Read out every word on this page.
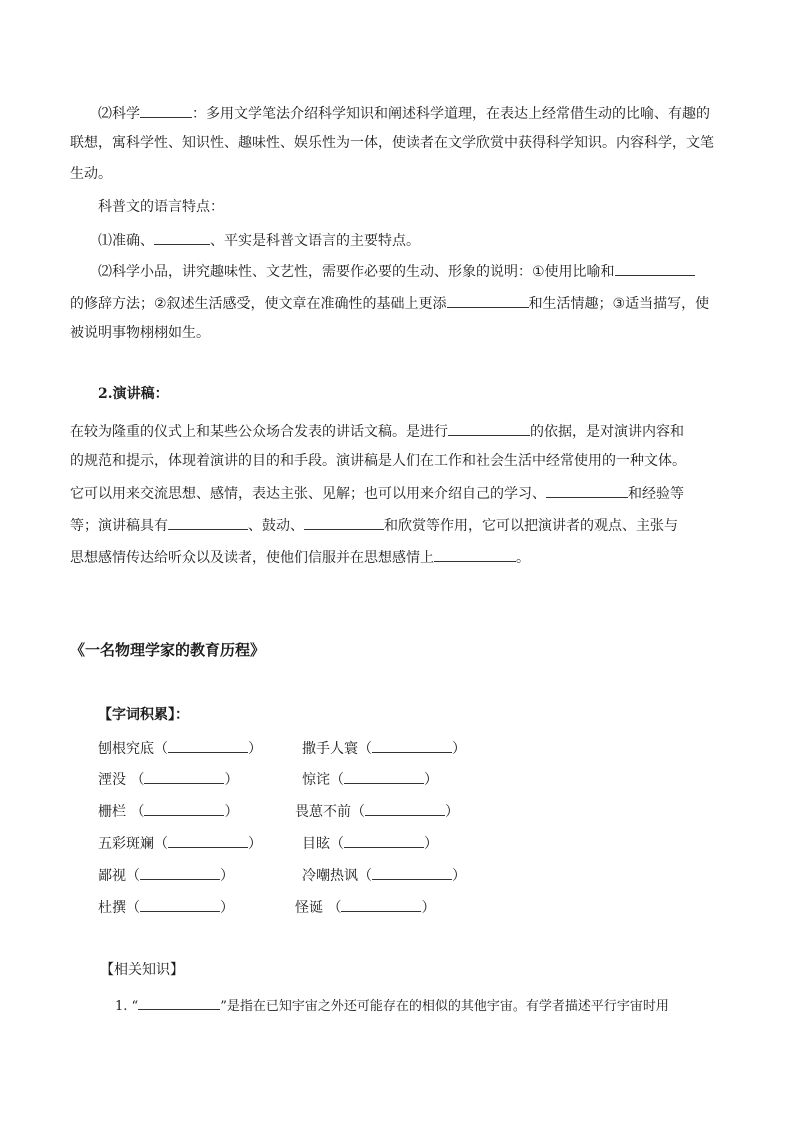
⑵科学	：多用文学笔法介绍科学知识和阐述科学道理，在表达上经常借生动的比喻、有趣的
联想，寓科学性、知识性、趣味性、娱乐性为一体，使读者在文学欣赏中获得科学知识。内容科学，文笔
生动。
科普文的语言特点：
⑴准确、	、平实是科普文语言的主要特点。
⑵科学小品，讲究趣味性、文艺性，需要作必要的生动、形象的说明：①使用比喻和
的修辞方法；②叙述生活感受，使文章在准确性的基础上更添	和生活情趣；③适当描写，使
被说明事物栩栩如生。
2.演讲稿：
在较为隆重的仪式上和某些公众场合发表的讲话文稿。是进行	的依据，是对演讲内容和
的规范和提示，体现着演讲的目的和手段。演讲稿是人们在工作和社会生活中经常使用的一种文体。
它可以用来交流思想、感情，表达主张、见解；也可以用来介绍自己的学习、	和经验等
等；演讲稿具有	、鼓动、	和欣赏等作用，它可以把演讲者的观点、主张与
思想感情传达给听众以及读者，使他们信服并在思想感情上	。
《一名物理学家的教育历程》
【字词积累】：
刨根究底（	）	撒手人寰（	）
湮没 （	）	惊诧（	）
栅栏 （	）	畏葸不前（	）
五彩斑斓（	）	目眩（	）
鄙视（	）	冷嘲热讽（	）
杜撰（	）	怪诞 （	）
【相关知识】
1. “	”是指在已知宇宙之外还可能存在的相似的其他宇宙。有学者描述平行宇宙时用
